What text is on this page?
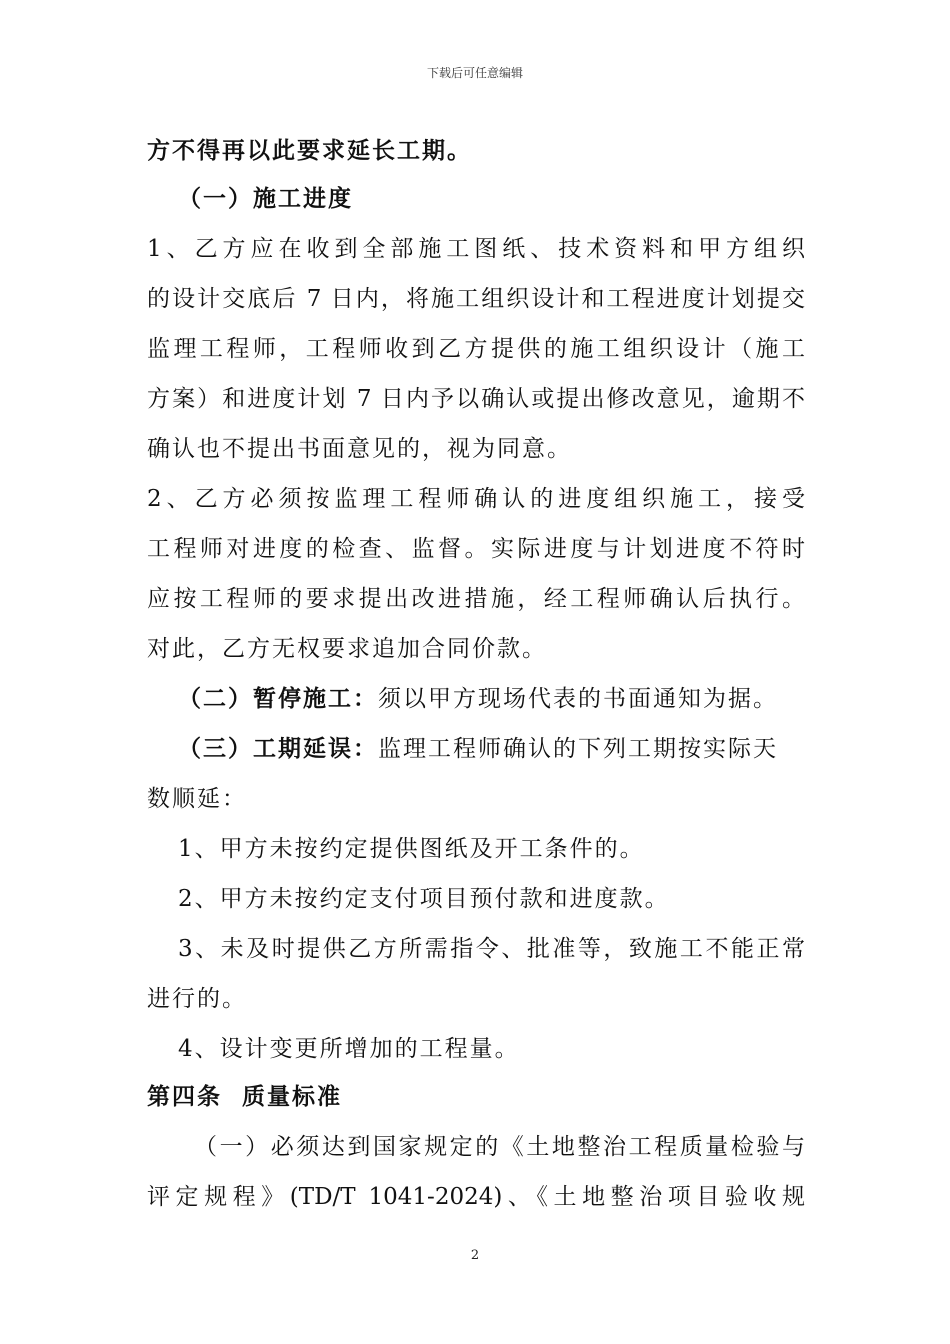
下载后可任意编辑
方不得再以此要求延长工期。
（一）施工进度
1、乙方应在收到全部施工图纸、技术资料和甲方组织
的设计交底后 7 日内，将施工组织设计和工程进度计划提交
监理工程师，工程师收到乙方提供的施工组织设计（施工
方案）和进度计划 7 日内予以确认或提出修改意见，逾期不
确认也不提出书面意见的，视为同意。
2、乙方必须按监理工程师确认的进度组织施工，接受
工程师对进度的检查、监督。实际进度与计划进度不符时
应按工程师的要求提出改进措施，经工程师确认后执行。
对此，乙方无权要求追加合同价款。
（二）暂停施工：须以甲方现场代表的书面通知为据。
（三）工期延误：监理工程师确认的下列工期按实际天
数顺延：
1、甲方未按约定提供图纸及开工条件的。
2、甲方未按约定支付项目预付款和进度款。
3、未及时提供乙方所需指令、批准等，致施工不能正常
进行的。
4、设计变更所增加的工程量。
第四条  质量标准
（一）必须达到国家规定的《土地整治工程质量检验与
评定规程》(TD/T 1041-2024)、《土地整治项目验收规
2
